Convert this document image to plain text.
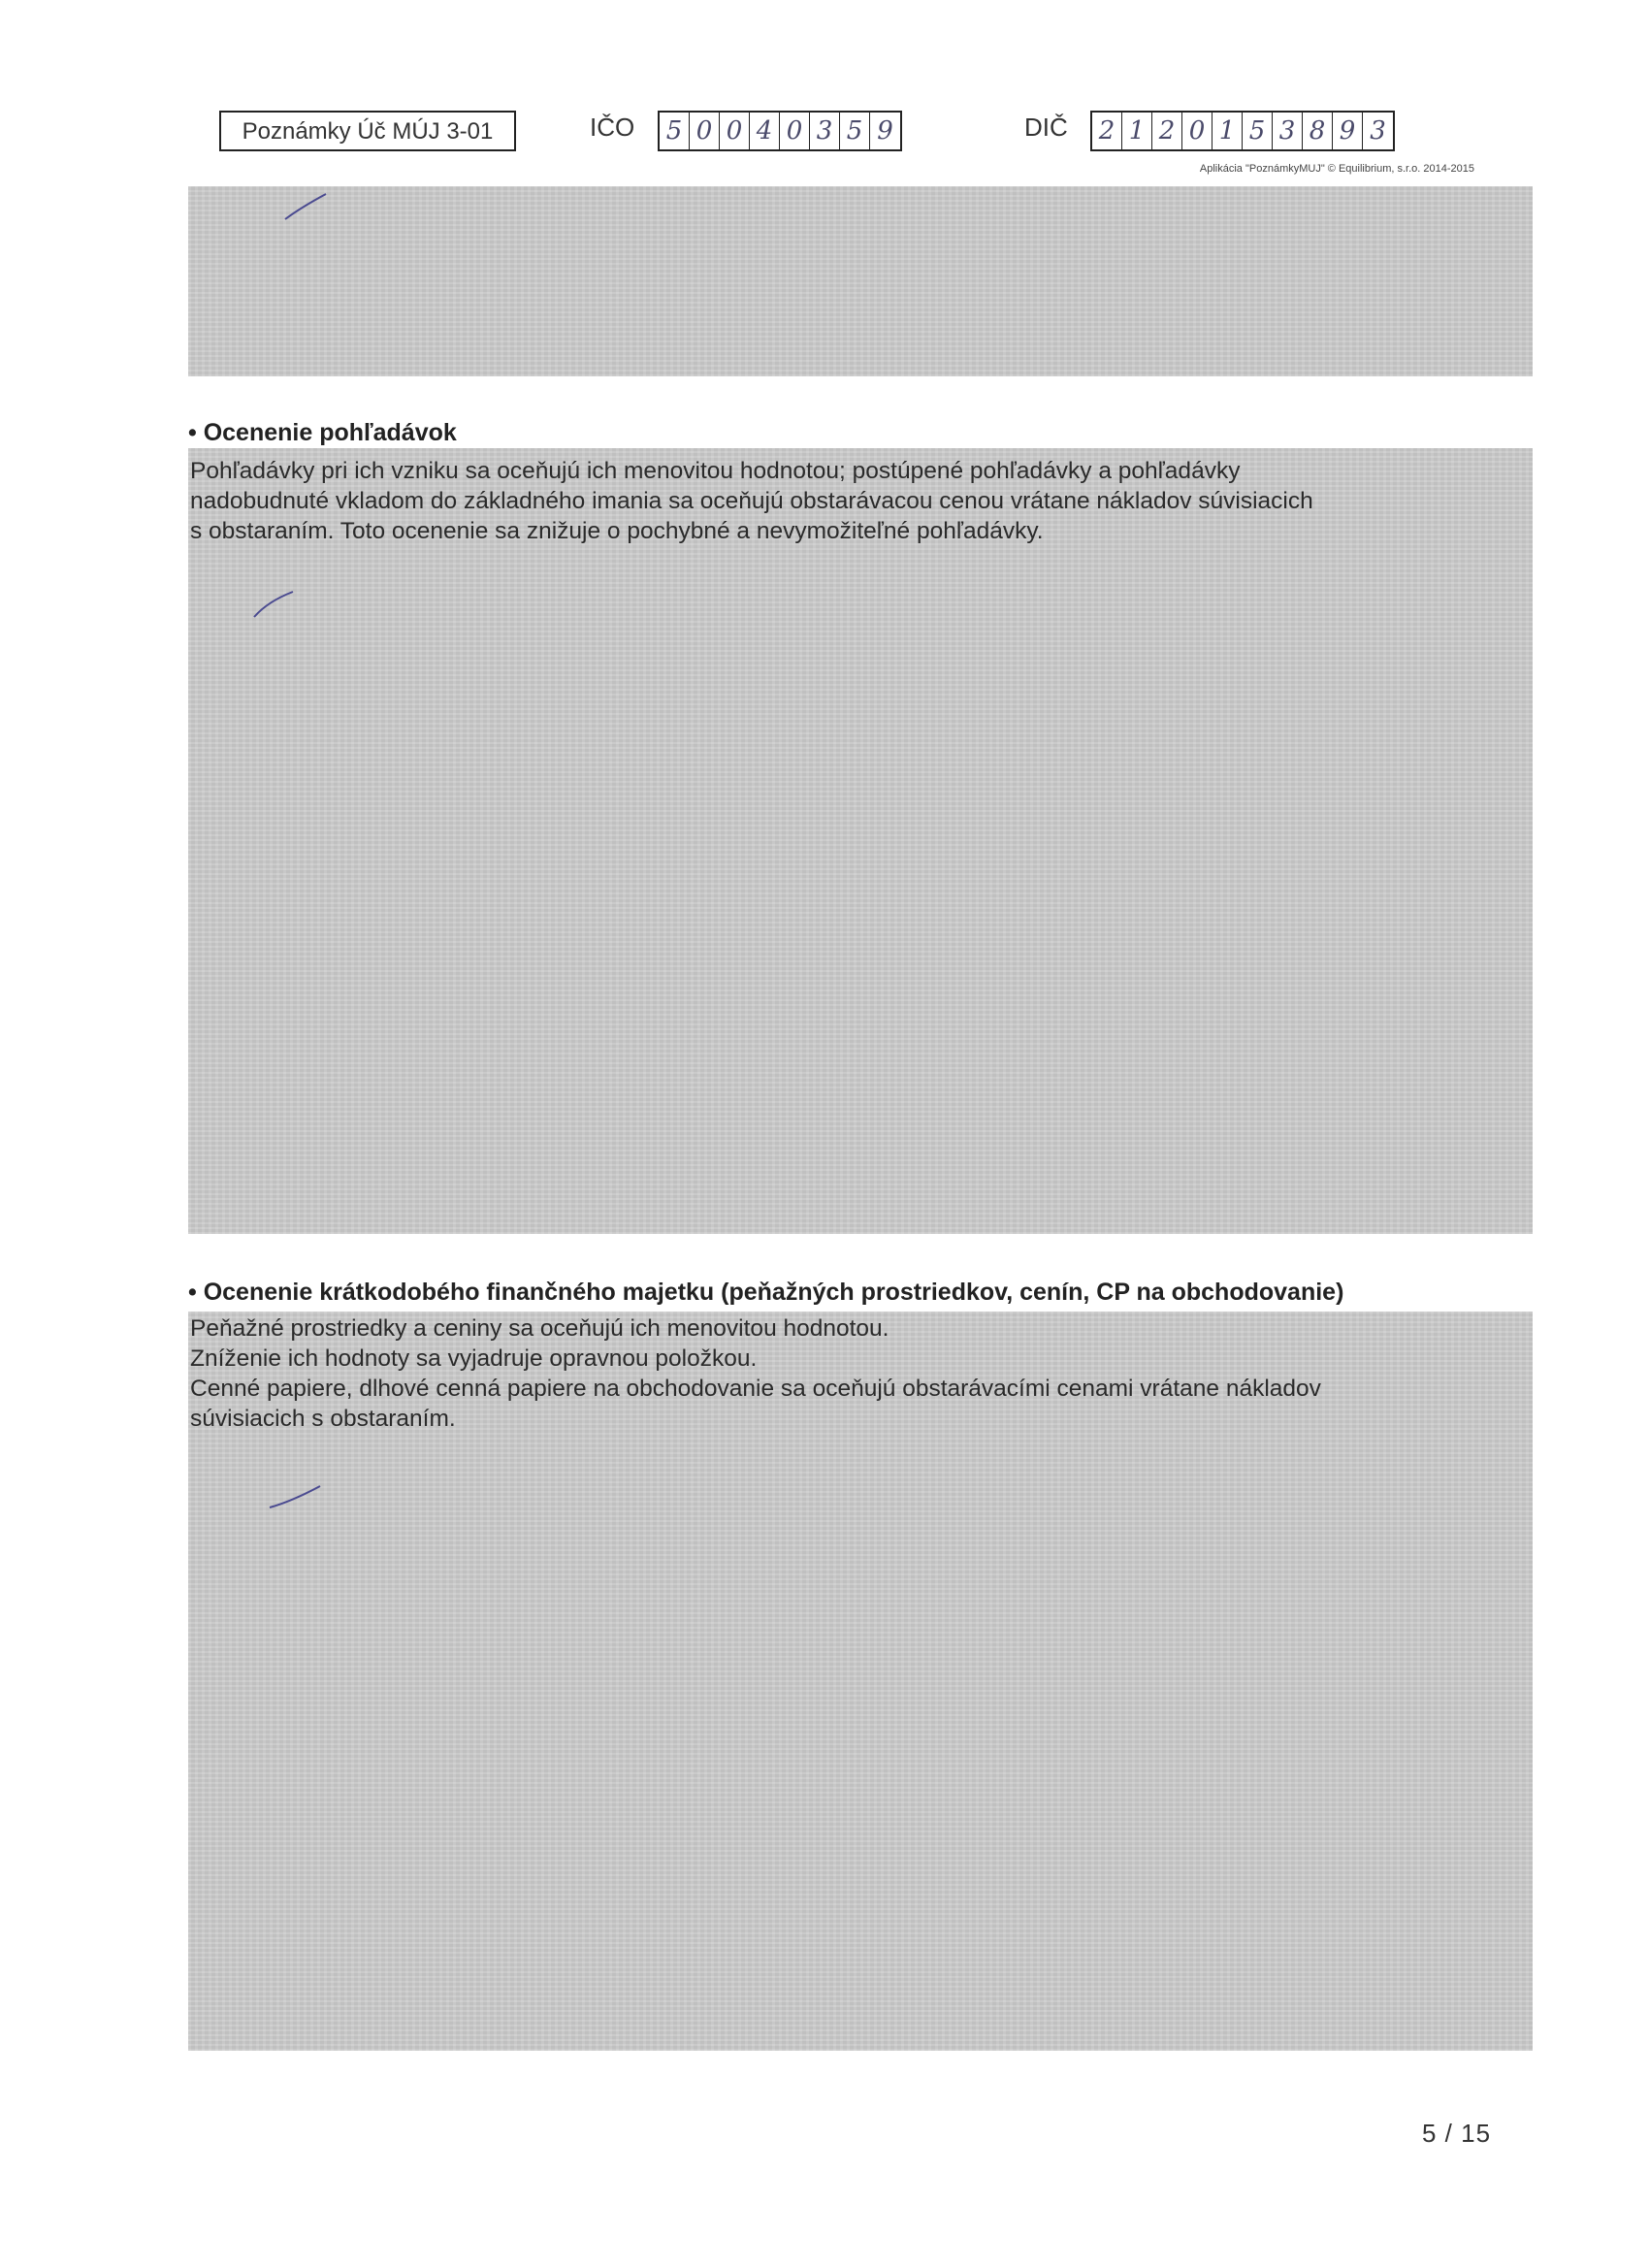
Poznámky Úč MÚJ 3-01	IČO 5 0 0 4 0 3 5 9	DIČ 2 1 2 0 1 5 3 8 9 3
Aplikácia "PoznámkyMUJ" © Equilibrium, s.r.o. 2014-2015
• Ocenenie pohľadávok

Pohľadávky pri ich vzniku sa oceňujú ich menovitou hodnotou; postúpené pohľadávky a pohľadávky

nadobudnuté vkladom do základného imania sa oceňujú obstarávacou cenou vrátane nákladov súvisiacich

s obstaraním. Toto ocenenie sa znižuje o pochybné a nevymožiteľné pohľadávky.

• Ocenenie krátkodobého finančného majetku (peňažných prostriedkov, cenín, CP na obchodovanie)

Peňažné prostriedky a ceniny sa oceňujú ich menovitou hodnotou.

Zníženie ich hodnoty sa vyjadruje opravnou položkou.

Cenné papiere, dlhové cenná papiere na obchodovanie sa oceňujú obstarávacími cenami vrátane nákladov

súvisiacich s obstaraním.

5 / 15
